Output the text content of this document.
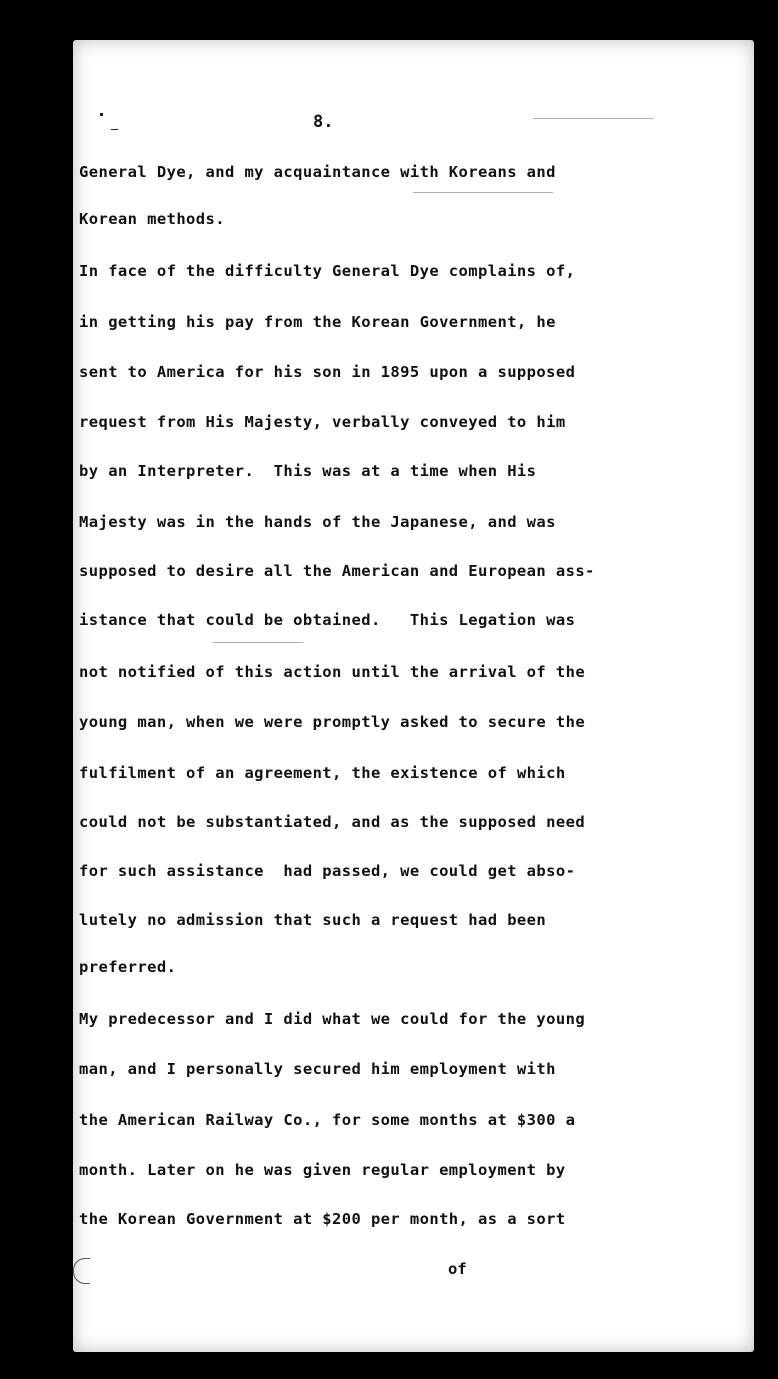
8.
General Dye, and my acquaintance with Koreans and
Korean methods.
In face of the difficulty General Dye complains of,
in getting his pay from the Korean Government, he
sent to America for his son in 1895 upon a supposed
request from His Majesty, verbally conveyed to him
by an Interpreter.  This was at a time when His
Majesty was in the hands of the Japanese, and was
supposed to desire all the American and European ass-
istance that could be obtained.   This Legation was
not notified of this action until the arrival of the
young man, when we were promptly asked to secure the
fulfilment of an agreement, the existence of which
could not be substantiated, and as the supposed need
for such assistance  had passed, we could get abso-
lutely no admission that such a request had been
preferred.
My predecessor and I did what we could for the young
man, and I personally secured him employment with
the American Railway Co., for some months at $300 a
month. Later on he was given regular employment by
the Korean Government at $200 per month, as a sort
of
